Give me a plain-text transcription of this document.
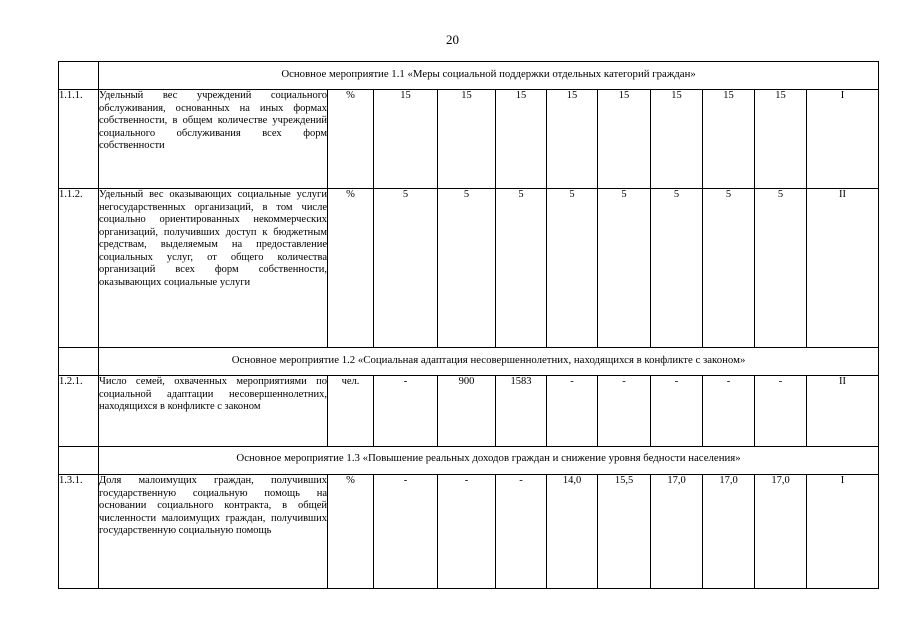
20
	Основное мероприятие 1.1 «Меры социальной поддержки отдельных категорий граждан»										
1.1.1.	Удельный вес учреждений социального обслуживания, основанных на иных формах собственности, в общем количестве учреждений социального обслуживания всех форм собственности	%	15	15	15	15	15	15	15	15	I
1.1.2.	Удельный вес оказывающих социальные услуги негосударственных организаций, в том числе социально ориентированных некоммерческих организаций, получивших доступ к бюджетным средствам, выделяемым на предоставление социальных услуг, от общего количества организаций всех форм собственности, оказывающих социальные услуги	%	5	5	5	5	5	5	5	5	II
	Основное мероприятие 1.2 «Социальная адаптация несовершеннолетних, находящихся в конфликте с законом»										
1.2.1.	Число семей, охваченных мероприятиями по социальной адаптации несовершеннолетних, находящихся в конфликте с законом	чел.	-	900	1583	-	-	-	-	-	II
	Основное мероприятие 1.3 «Повышение реальных доходов граждан и снижение уровня бедности населения»										
1.3.1.	Доля малоимущих граждан, получивших государственную социальную помощь на основании социального контракта, в общей численности малоимущих граждан, получивших государственную социальную помощь	%	-	-	-	14,0	15,5	17,0	17,0	17,0	I
